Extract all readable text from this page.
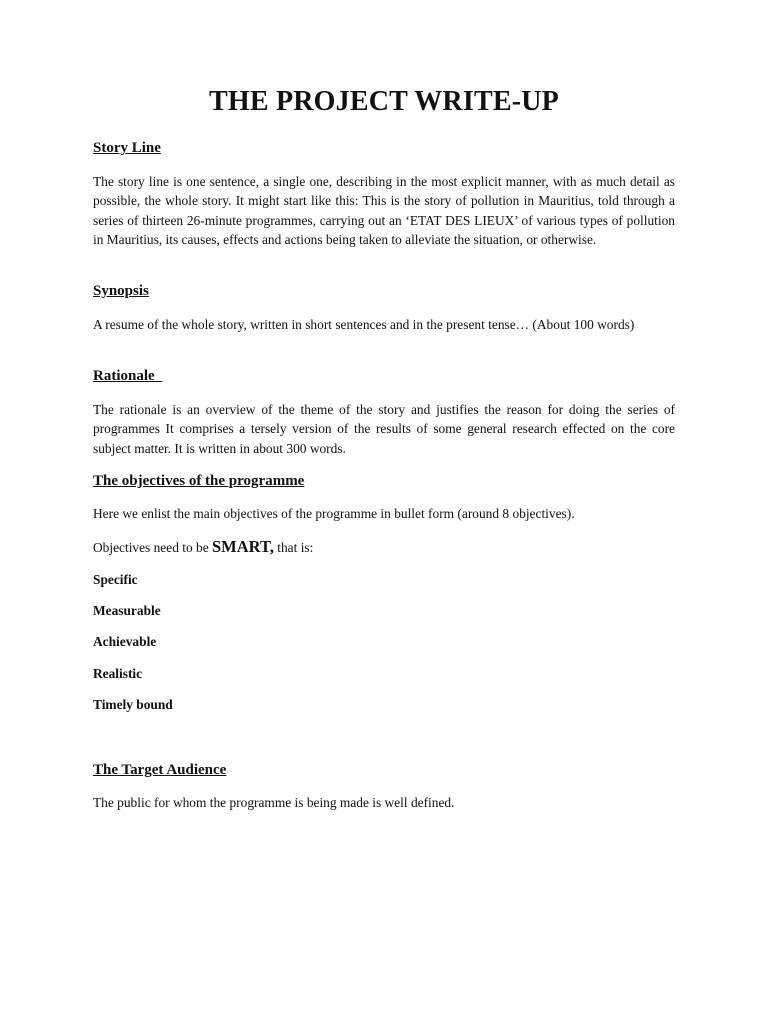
THE PROJECT WRITE-UP
Story Line

The story line is one sentence, a single one, describing in the most explicit manner, with as much detail as possible, the whole story. It might start like this: This is the story of pollution in Mauritius, told through a series of thirteen 26-minute programmes, carrying out an ‘ETAT DES LIEUX’ of various types of pollution in Mauritius, its causes, effects and actions being taken to alleviate the situation, or otherwise.

Synopsis

A resume of the whole story, written in short sentences and in the present tense… (About 100 words)

Rationale

The rationale is an overview of the theme of the story and justifies the reason for doing the series of programmes It comprises a tersely version of the results of some general research effected on the core subject matter. It is written in about 300 words.

The objectives of the programme

Here we enlist the main objectives of the programme in bullet form (around 8 objectives).

Objectives need to be SMART, that is:

Specific

Measurable

Achievable

Realistic

Timely bound

The Target Audience

The public for whom the programme is being made is well defined.
